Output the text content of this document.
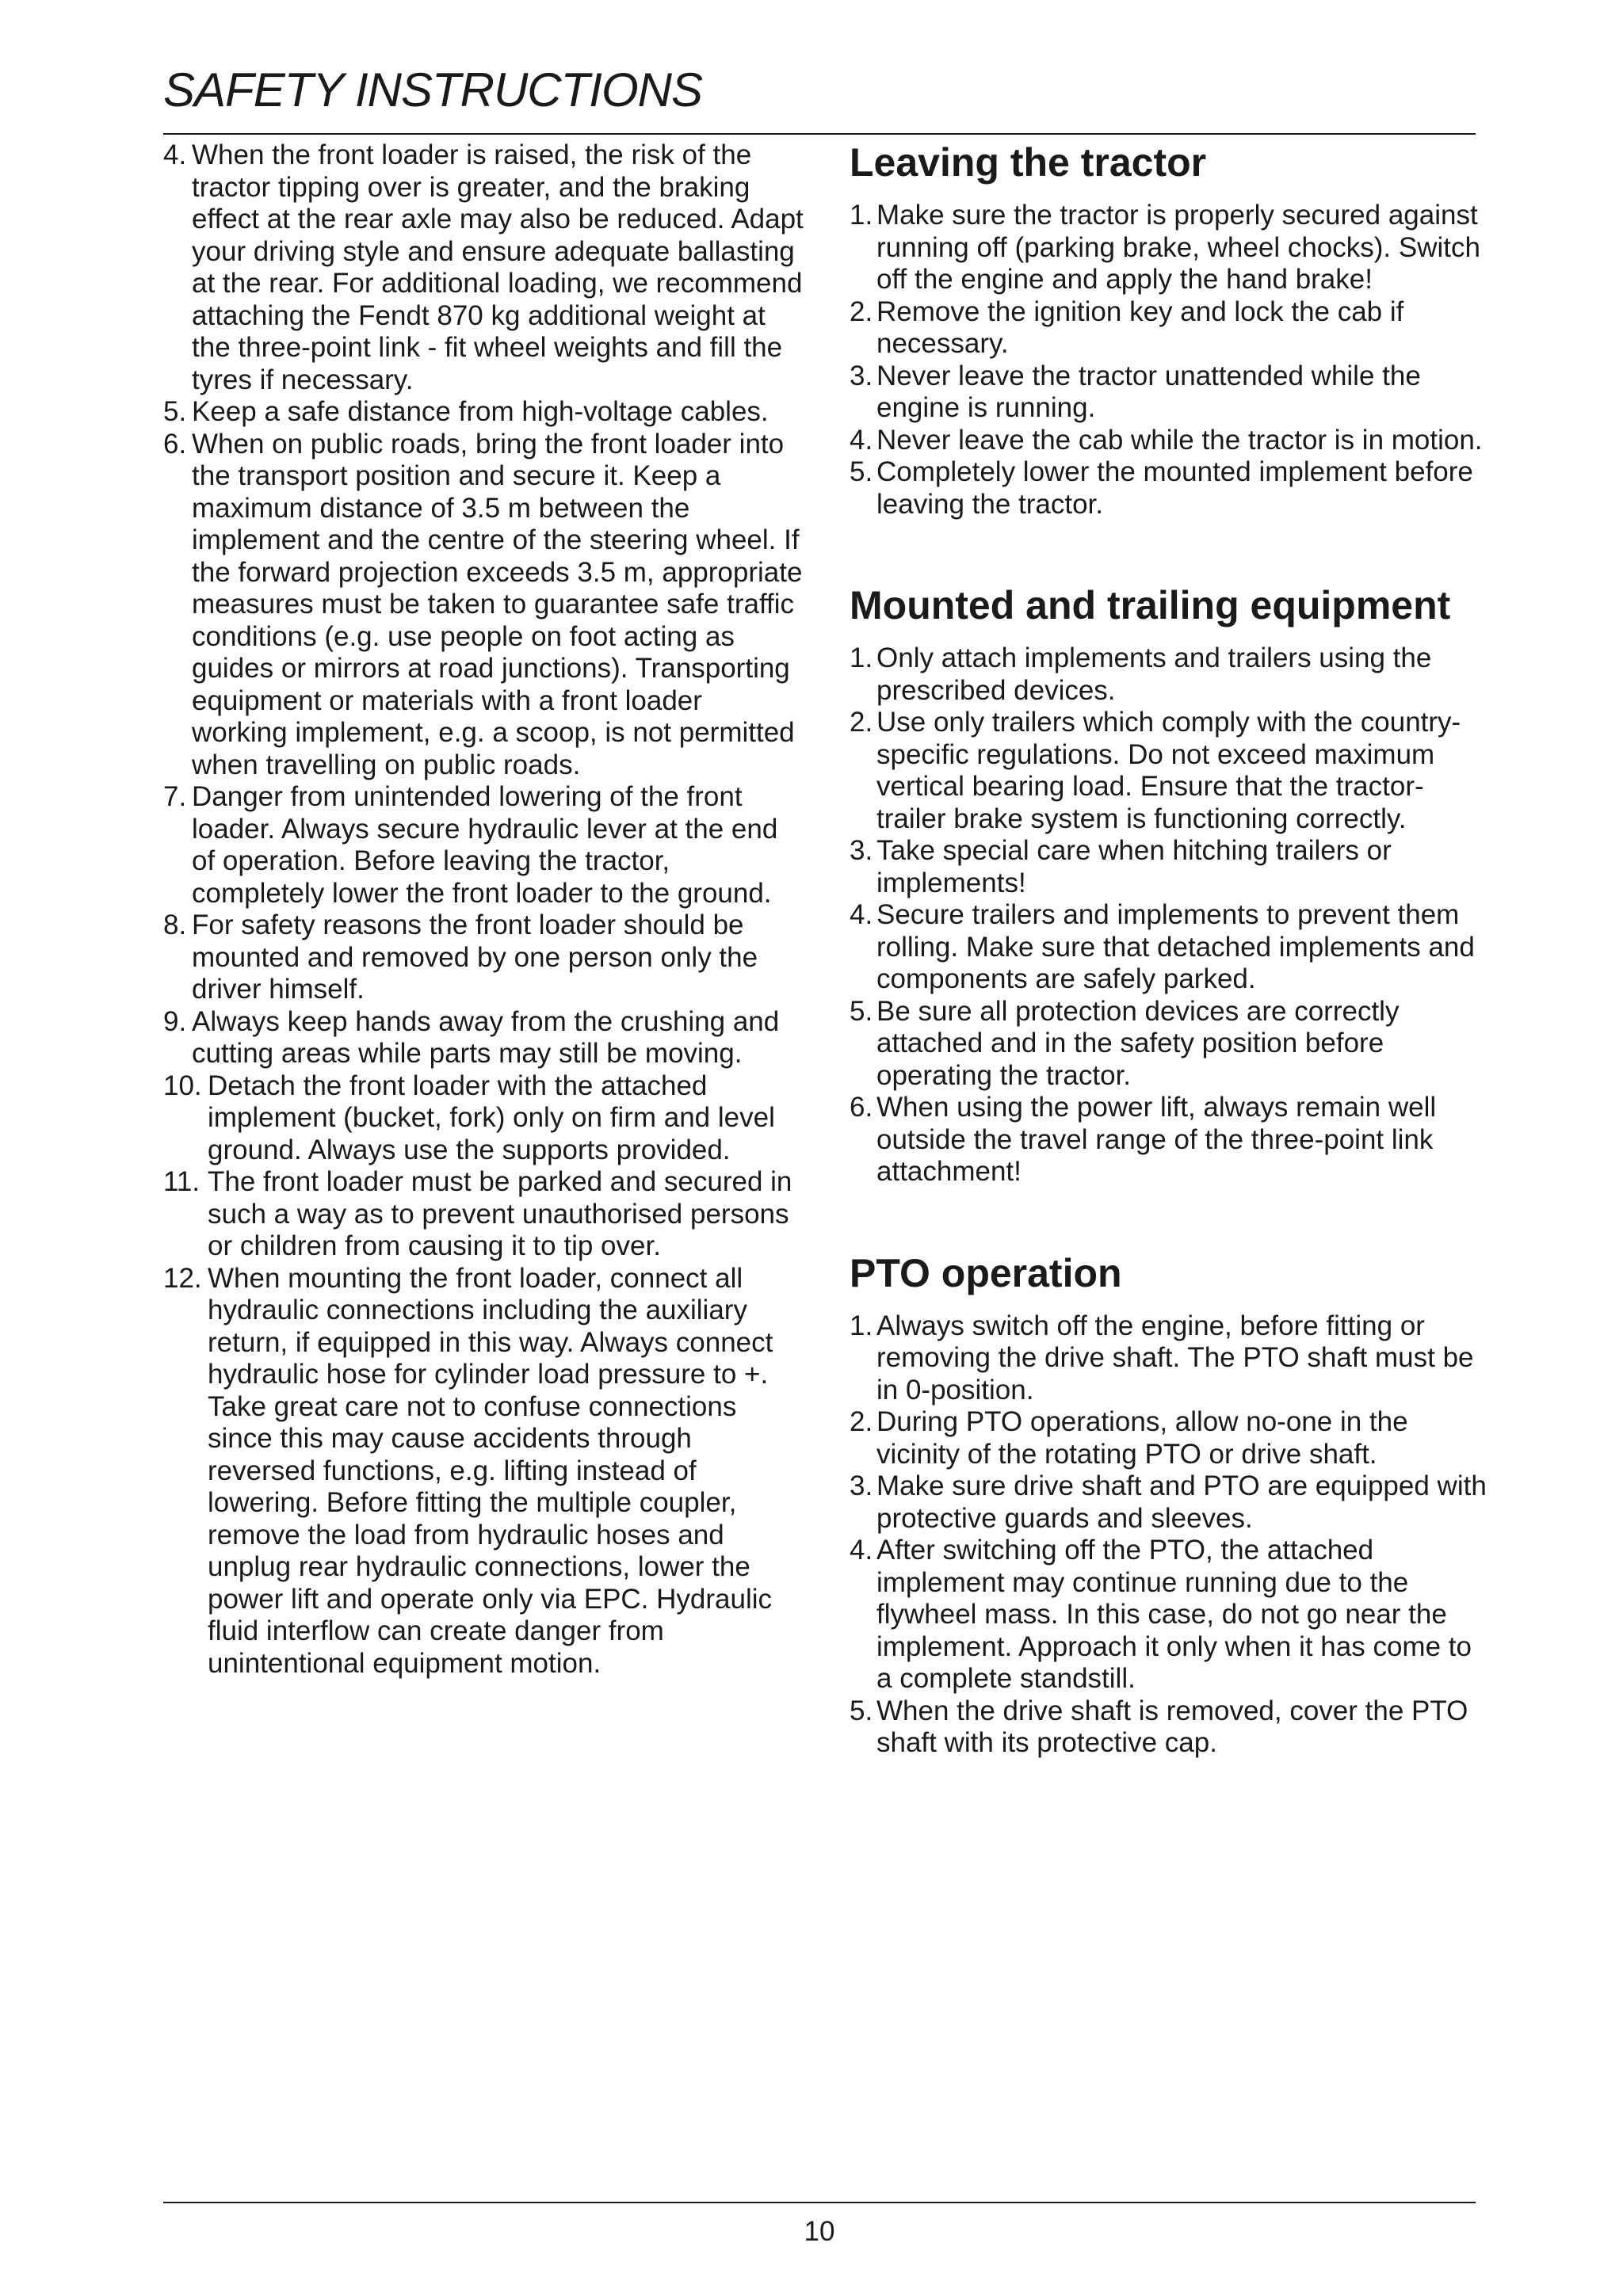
SAFETY INSTRUCTIONS
4. When the front loader is raised, the risk of the tractor tipping over is greater, and the braking effect at the rear axle may also be reduced. Adapt your driving style and ensure adequate ballasting at the rear. For additional loading, we recommend attaching the Fendt 870 kg additional weight at the three-point link - fit wheel weights and fill the tyres if necessary.
5. Keep a safe distance from high-voltage cables.
6. When on public roads, bring the front loader into the transport position and secure it. Keep a maximum distance of 3.5 m between the implement and the centre of the steering wheel. If the forward projection exceeds 3.5 m, appropriate measures must be taken to guarantee safe traffic conditions (e.g. use people on foot acting as guides or mirrors at road junctions). Transporting equipment or materials with a front loader working implement, e.g. a scoop, is not permitted when travelling on public roads.
7. Danger from unintended lowering of the front loader. Always secure hydraulic lever at the end of operation. Before leaving the tractor, completely lower the front loader to the ground.
8. For safety reasons the front loader should be mounted and removed by one person only the driver himself.
9. Always keep hands away from the crushing and cutting areas while parts may still be moving.
10. Detach the front loader with the attached implement (bucket, fork) only on firm and level ground. Always use the supports provided.
11. The front loader must be parked and secured in such a way as to prevent unauthorised persons or children from causing it to tip over.
12. When mounting the front loader, connect all hydraulic connections including the auxiliary return, if equipped in this way. Always connect hydraulic hose for cylinder load pressure to +. Take great care not to confuse connections since this may cause accidents through reversed functions, e.g. lifting instead of lowering. Before fitting the multiple coupler, remove the load from hydraulic hoses and unplug rear hydraulic connections, lower the power lift and operate only via EPC. Hydraulic fluid interflow can create danger from unintentional equipment motion.
Leaving the tractor
1. Make sure the tractor is properly secured against running off (parking brake, wheel chocks). Switch off the engine and apply the hand brake!
2. Remove the ignition key and lock the cab if necessary.
3. Never leave the tractor unattended while the engine is running.
4. Never leave the cab while the tractor is in motion.
5. Completely lower the mounted implement before leaving the tractor.
Mounted and trailing equipment
1. Only attach implements and trailers using the prescribed devices.
2. Use only trailers which comply with the country-specific regulations. Do not exceed maximum vertical bearing load. Ensure that the tractor-trailer brake system is functioning correctly.
3. Take special care when hitching trailers or implements!
4. Secure trailers and implements to prevent them rolling. Make sure that detached implements and components are safely parked.
5. Be sure all protection devices are correctly attached and in the safety position before operating the tractor.
6. When using the power lift, always remain well outside the travel range of the three-point link attachment!
PTO operation
1. Always switch off the engine, before fitting or removing the drive shaft. The PTO shaft must be in 0-position.
2. During PTO operations, allow no-one in the vicinity of the rotating PTO or drive shaft.
3. Make sure drive shaft and PTO are equipped with protective guards and sleeves.
4. After switching off the PTO, the attached implement may continue running due to the flywheel mass. In this case, do not go near the implement. Approach it only when it has come to a complete standstill.
5. When the drive shaft is removed, cover the PTO shaft with its protective cap.
10
